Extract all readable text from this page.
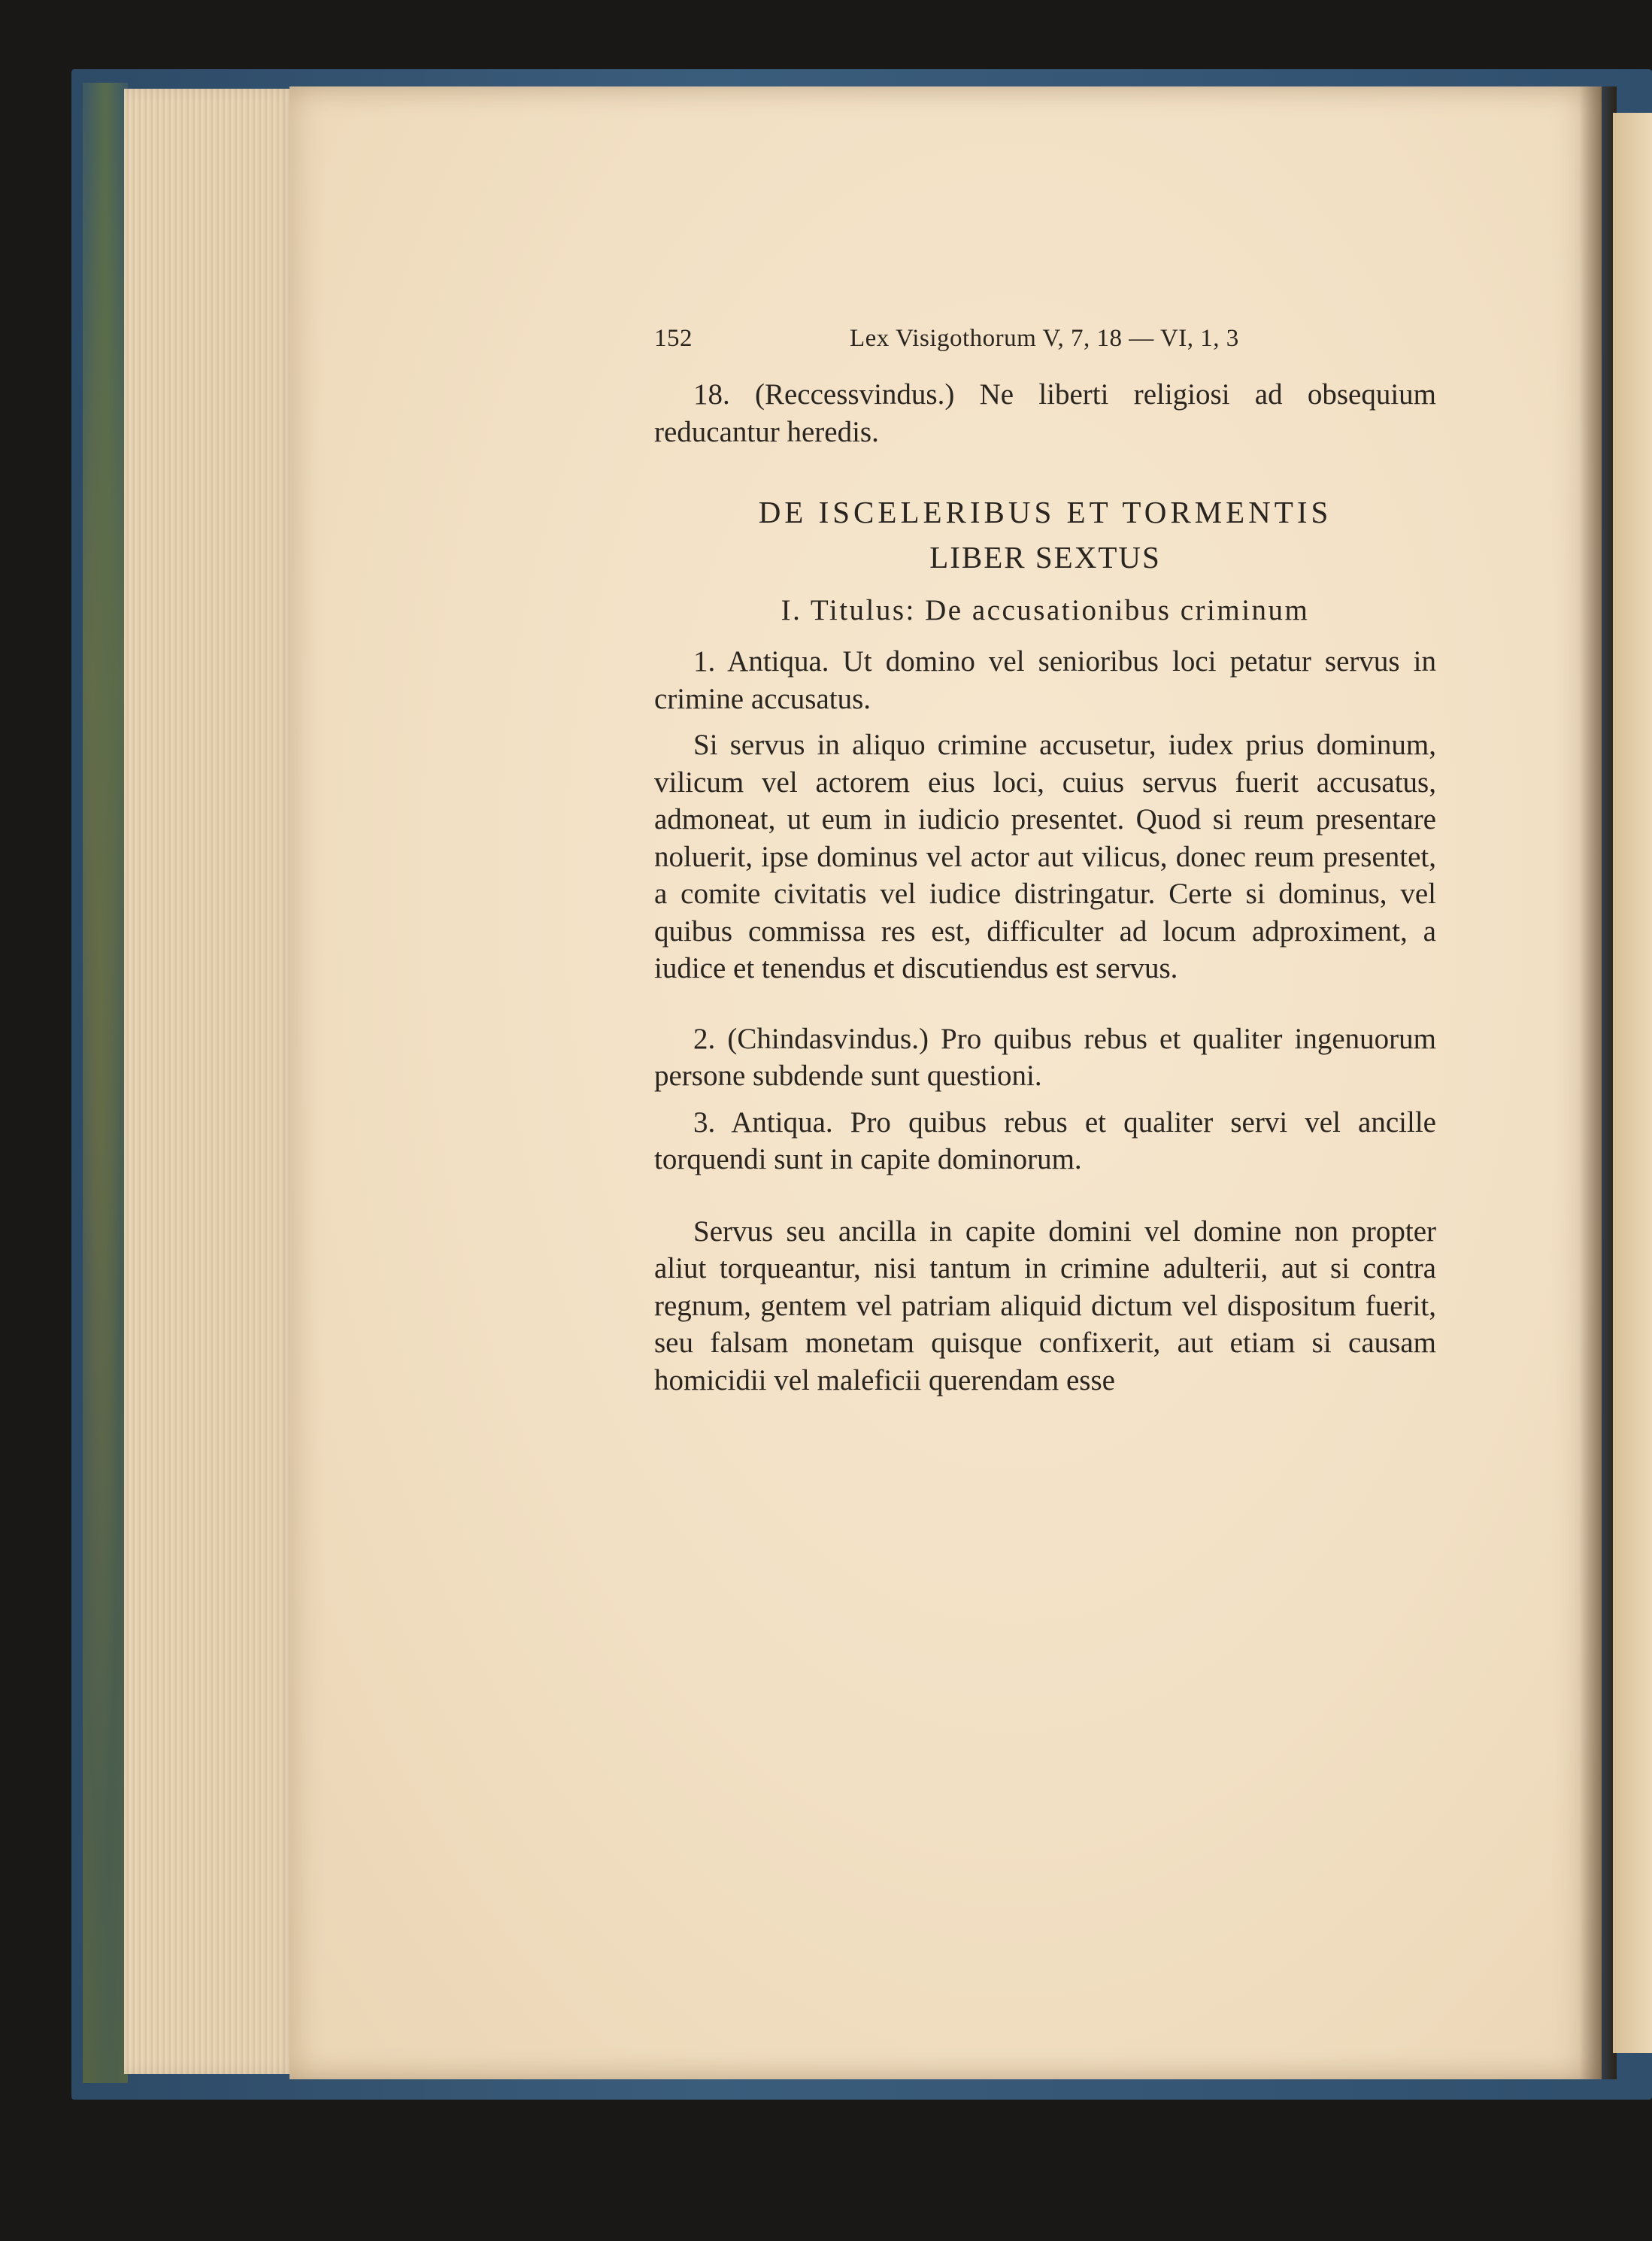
152	Lex Visigothorum V, 7, 18 — VI, 1, 3

18. (Reccessvindus.) Ne liberti religiosi ad obsequium reducantur heredis.

DE ISCELERIBUS ET TORMENTIS
LIBER SEXTUS
I. Titulus: De accusationibus criminum

1. Antiqua. Ut domino vel senioribus loci petatur servus in crimine accusatus.

Si servus in aliquo crimine accusetur, iudex prius dominum, vilicum vel actorem eius loci, cuius servus fuerit accusatus, admoneat, ut eum in iudicio presentet. Quod si reum presentare noluerit, ipse dominus vel actor aut vilicus, donec reum presentet, a comite civitatis vel iudice distringatur. Certe si dominus, vel quibus commissa res est, difficulter ad locum adproximent, a iudice et tenendus et discutiendus est servus.

2. (Chindasvindus.) Pro quibus rebus et qualiter ingenuorum persone subdende sunt questioni.

3. Antiqua. Pro quibus rebus et qualiter servi vel ancille torquendi sunt in capite dominorum.

Servus seu ancilla in capite domini vel domine non propter aliut torqueantur, nisi tantum in crimine adulterii, aut si contra regnum, gentem vel patriam aliquid dictum vel dispositum fuerit, seu falsam monetam quisque confixerit, aut etiam si causam homicidii vel maleficii querendam esse
